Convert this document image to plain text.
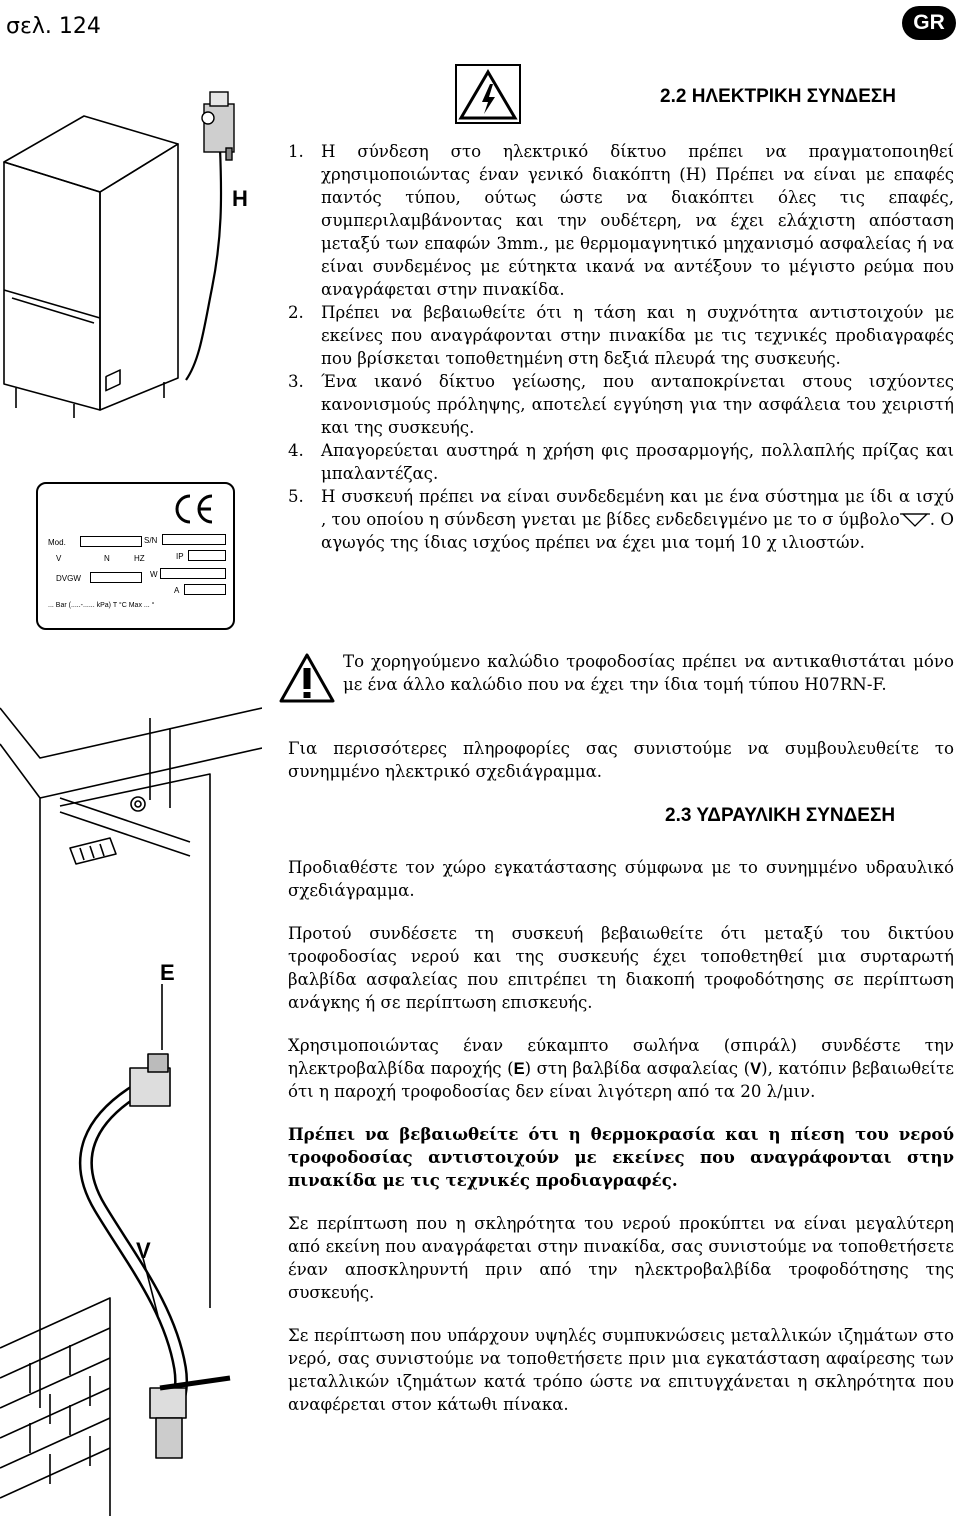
σελ. 124	GR
2.2 ΗΛΕΚΤΡΙΚΗ ΣΥΝΔΕΣΗ
1. Η σύνδεση στο ηλεκτρικό δίκτυο πρέπει να πραγματοποιηθεί χρησιμοποιώντας έναν γενικό διακόπτη (H) Πρέπει να είναι με επαφές παντός τύπου, ούτως ώστε να διακόπτει όλες τις επαφές, συμπεριλαμβάνοντας και την ουδέτερη, να έχει ελάχιστη απόσταση μεταξύ των επαφών 3mm., με θερμομαγνητικό μηχανισμό ασφαλείας ή να είναι συνδεμένος με εύτηκτα ικανά να αντέξουν το μέγιστο ρεύμα που αναγράφεται στην πινακίδα.
2. Πρέπει να βεβαιωθείτε ότι η τάση και η συχνότητα αντιστοιχούν με εκείνες που αναγράφονται στην πινακίδα με τις τεχνικές προδιαγραφές που βρίσκεται τοποθετημένη στη δεξιά πλευρά της συσκευής.
3. Ένα ικανό δίκτυο γείωσης, που ανταποκρίνεται στους ισχύοντες κανονισμούς πρόληψης, αποτελεί εγγύηση για την ασφάλεια του χειριστή και της συσκευής.
4. Απαγορεύεται αυστηρά η χρήση φις προσαρμογής, πολλαπλής πρίζας και μπαλαντέζας.
5. Η συσκευή πρέπει να είναι συνδεδεμένη και με ένα σύστημα με ίδι α ισχύ , του οποίου η σύνδεση γνεται με βίδες ενδεδειγμένο με το σ ύμβολο . Ο αγωγός της ίδιας ισχύος πρέπει να έχει μια τομή 10 χ ιλιοστών.
Το χορηγούμενο καλώδιο τροφοδοσίας πρέπει να αντικαθιστάται μόνο με ένα άλλο καλώδιο που να έχει την ίδια τομή τύπου H07RN-F.
Για περισσότερες πληροφορίες σας συνιστούμε να συμβουλευθείτε το συνημμένο ηλεκτρικό σχεδιάγραμμα.
2.3 ΥΔΡΑΥΛΙΚΗ ΣΥΝΔΕΣΗ

Προδιαθέστε τον χώρο εγκατάστασης σύμφωνα με το συνημμένο υδραυλικό σχεδιάγραμμα.

Προτού συνδέσετε τη συσκευή βεβαιωθείτε ότι μεταξύ του δικτύου τροφοδοσίας νερού και της συσκευής έχει τοποθετηθεί μια συρταρωτή βαλβίδα ασφαλείας που επιτρέπει τη διακοπή τροφοδότησης σε περίπτωση ανάγκης ή σε περίπτωση επισκευής.

Χρησιμοποιώντας έναν εύκαμπτο σωλήνα (σπιράλ) συνδέστε την ηλεκτροβαλβίδα παροχής (E) στη βαλβίδα ασφαλείας (V), κατόπιν βεβαιωθείτε ότι η παροχή τροφοδοσίας δεν είναι λιγότερη από τα 20 λ/μιν.

Πρέπει να βεβαιωθείτε ότι η θερμοκρασία και η πίεση του νερού τροφοδοσίας αντιστοιχούν με εκείνες που αναγράφονται στην πινακίδα με τις τεχνικές προδιαγραφές.

Σε περίπτωση που η σκληρότητα του νερού προκύπτει να είναι μεγαλύτερη από εκείνη που αναγράφεται στην πινακίδα, σας συνιστούμε να τοποθετήσετε έναν αποσκληρυντή πριν από την ηλεκτροβαλβίδα τροφοδότησης της συσκευής.

Σε περίπτωση που υπάρχουν υψηλές συμπυκνώσεις μεταλλικών ιζημάτων στο νερό, σας συνιστούμε να τοποθετήσετε πριν μια εγκατάσταση αφαίρεσης των μεταλλικών ιζημάτων κατά τρόπο ώστε να επιτυγχάνεται η σκληρότητα που αναφέρεται στον κάτωθι πίνακα.

H
Mod.	S/N
V	N	HZ	IP
DVGW	W
A
... Bar (.....-...... kPa) T °C Max ... °
E
V
